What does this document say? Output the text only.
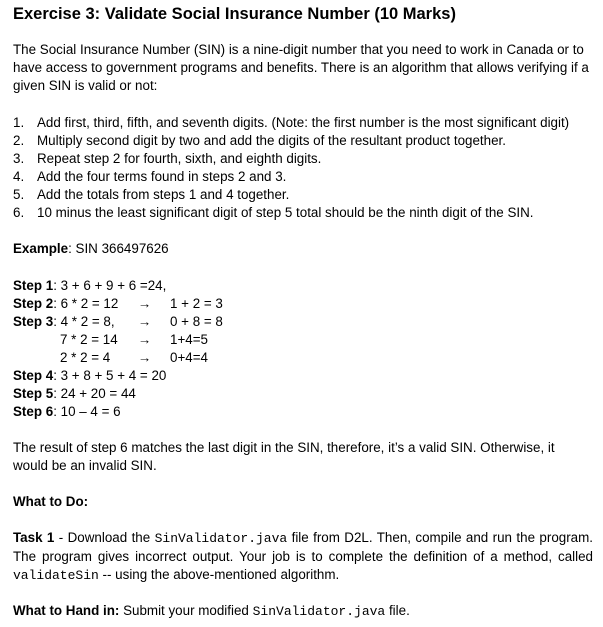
Exercise 3: Validate Social Insurance Number (10 Marks)
The Social Insurance Number (SIN) is a nine-digit number that you need to work in Canada or to have access to government programs and benefits. There is an algorithm that allows verifying if a given SIN is valid or not:
1. Add first, third, fifth, and seventh digits. (Note: the first number is the most significant digit)
2. Multiply second digit by two and add the digits of the resultant product together.
3. Repeat step 2 for fourth, sixth, and eighth digits.
4. Add the four terms found in steps 2 and 3.
5. Add the totals from steps 1 and 4 together.
6. 10 minus the least significant digit of step 5 total should be the ninth digit of the SIN.
Example: SIN 366497626
Step 1: 3 + 6 + 9 + 6 =24,
Step 2: 6 * 2 = 12 → 1 + 2 = 3
Step 3: 4 * 2 = 8, → 0 + 8 = 8
7 * 2 = 14 → 1+4=5
2 * 2 = 4 → 0+4=4
Step 4: 3 + 8 + 5 + 4 = 20
Step 5: 24 + 20 = 44
Step 6: 10 – 4 = 6
The result of step 6 matches the last digit in the SIN, therefore, it’s a valid SIN. Otherwise, it would be an invalid SIN.
What to Do:
Task 1 - Download the SinValidator.java file from D2L. Then, compile and run the program. The program gives incorrect output. Your job is to complete the definition of a method, called validateSin -- using the above-mentioned algorithm.
What to Hand in: Submit your modified SinValidator.java file.
